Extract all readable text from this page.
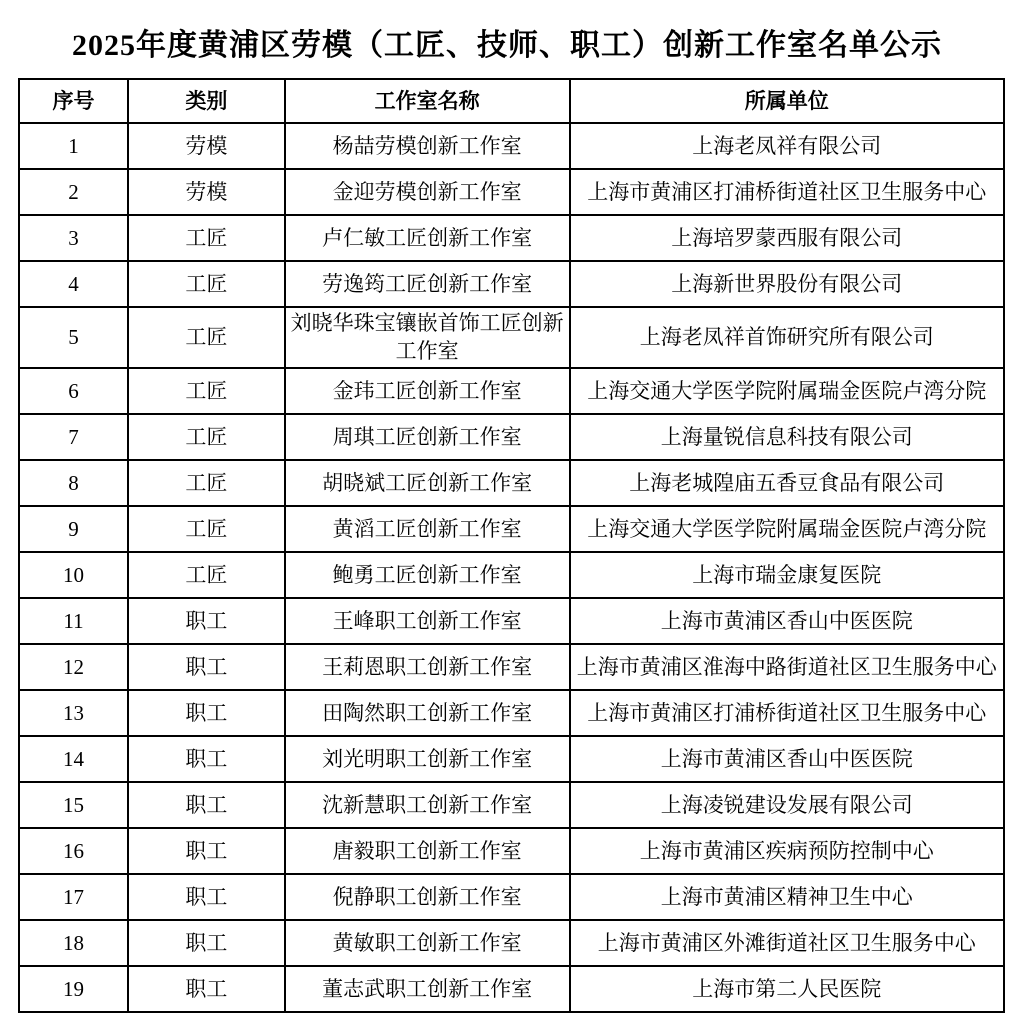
2025年度黄浦区劳模（工匠、技师、职工）创新工作室名单公示
序号	类别	工作室名称	所属单位
1	劳模	杨喆劳模创新工作室	上海老凤祥有限公司
2	劳模	金迎劳模创新工作室	上海市黄浦区打浦桥街道社区卫生服务中心
3	工匠	卢仁敏工匠创新工作室	上海培罗蒙西服有限公司
4	工匠	劳逸筠工匠创新工作室	上海新世界股份有限公司
5	工匠	刘晓华珠宝镶嵌首饰工匠创新工作室	上海老凤祥首饰研究所有限公司
6	工匠	金玮工匠创新工作室	上海交通大学医学院附属瑞金医院卢湾分院
7	工匠	周琪工匠创新工作室	上海量锐信息科技有限公司
8	工匠	胡晓斌工匠创新工作室	上海老城隍庙五香豆食品有限公司
9	工匠	黄滔工匠创新工作室	上海交通大学医学院附属瑞金医院卢湾分院
10	工匠	鲍勇工匠创新工作室	上海市瑞金康复医院
11	职工	王峰职工创新工作室	上海市黄浦区香山中医医院
12	职工	王莉恩职工创新工作室	上海市黄浦区淮海中路街道社区卫生服务中心
13	职工	田陶然职工创新工作室	上海市黄浦区打浦桥街道社区卫生服务中心
14	职工	刘光明职工创新工作室	上海市黄浦区香山中医医院
15	职工	沈新慧职工创新工作室	上海凌锐建设发展有限公司
16	职工	唐毅职工创新工作室	上海市黄浦区疾病预防控制中心
17	职工	倪静职工创新工作室	上海市黄浦区精神卫生中心
18	职工	黄敏职工创新工作室	上海市黄浦区外滩街道社区卫生服务中心
19	职工	董志武职工创新工作室	上海市第二人民医院
